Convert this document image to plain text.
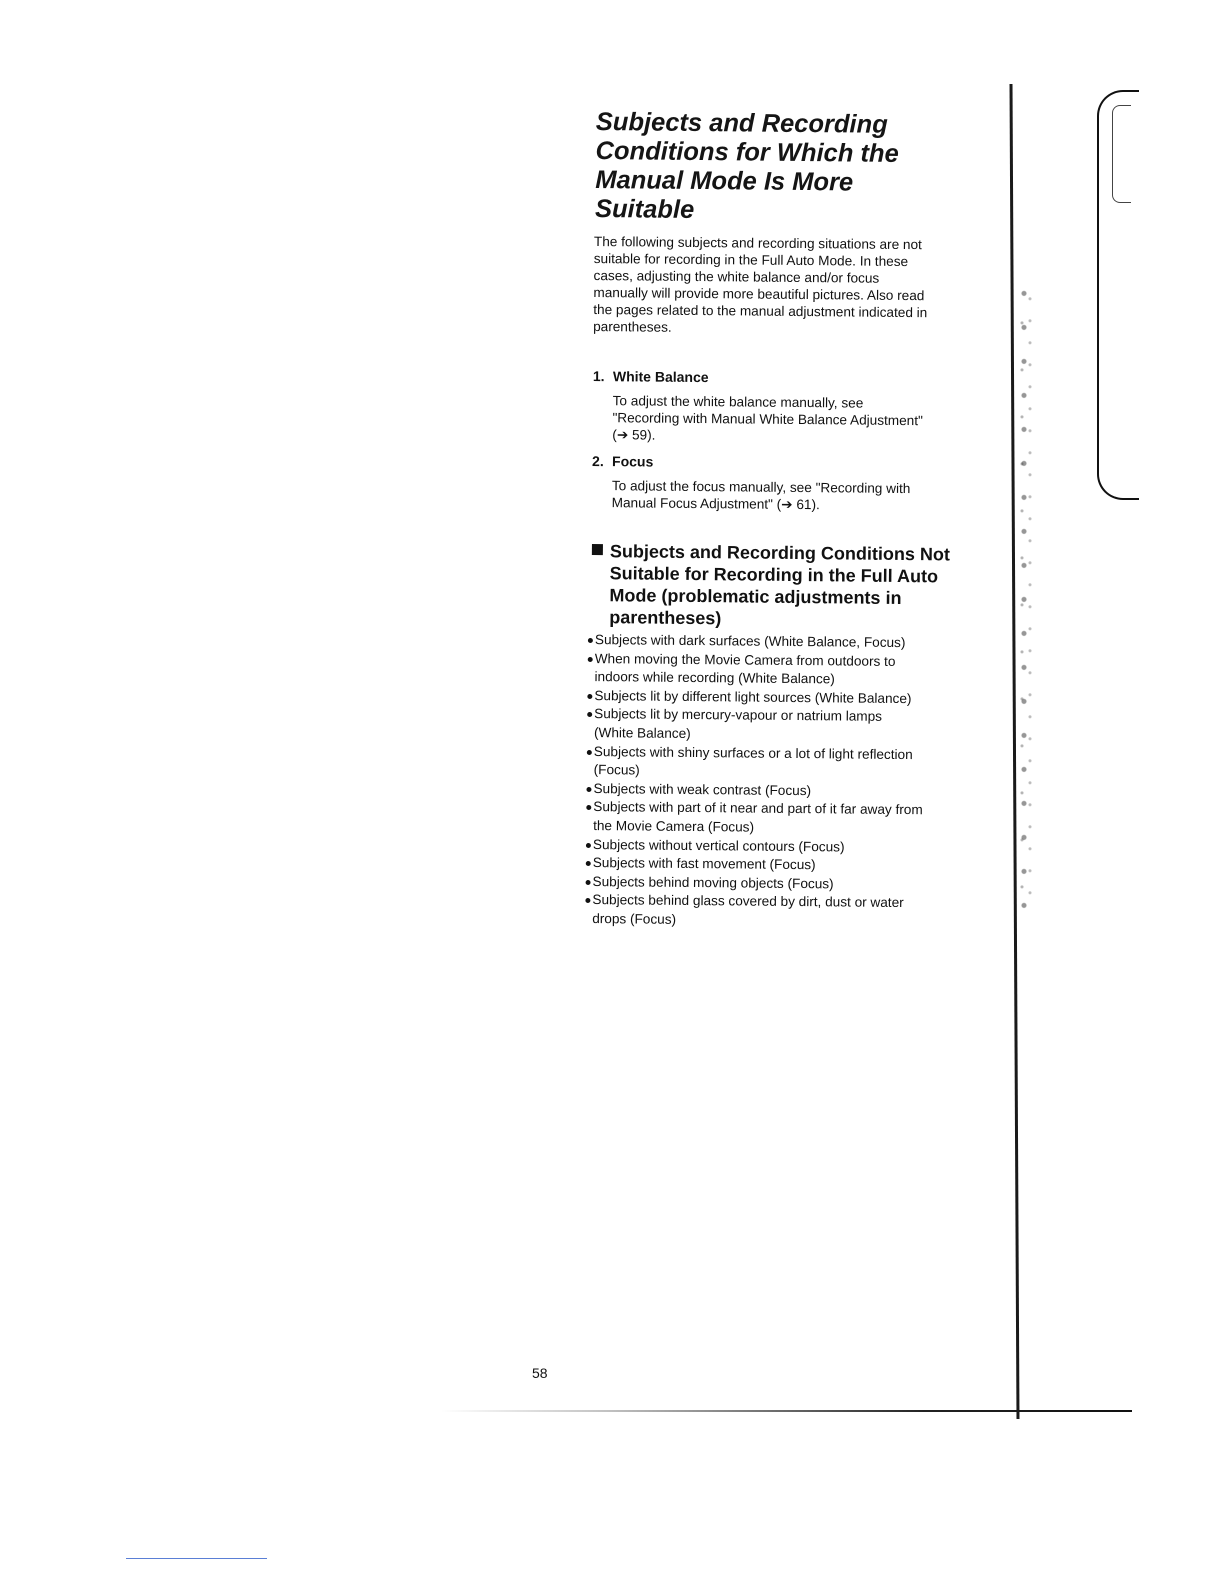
Subjects and Recording
Conditions for Which the
Manual Mode Is More
Suitable

The following subjects and recording situations are not
suitable for recording in the Full Auto Mode. In these
cases, adjusting the white balance and/or focus
manually will provide more beautiful pictures. Also read
the pages related to the manual adjustment indicated in
parentheses.

1. White Balance
To adjust the white balance manually, see
"Recording with Manual White Balance Adjustment"
(➔ 59).
2. Focus
To adjust the focus manually, see "Recording with
Manual Focus Adjustment" (➔ 61).
Subjects and Recording Conditions Not
Suitable for Recording in the Full Auto
Mode (problematic adjustments in
parentheses)
Subjects with dark surfaces (White Balance, Focus)
When moving the Movie Camera from outdoors to
indoors while recording (White Balance)
Subjects lit by different light sources (White Balance)
Subjects lit by mercury-vapour or natrium lamps
(White Balance)
Subjects with shiny surfaces or a lot of light reflection
(Focus)
Subjects with weak contrast (Focus)
Subjects with part of it near and part of it far away from
the Movie Camera (Focus)
Subjects without vertical contours (Focus)
Subjects with fast movement (Focus)
Subjects behind moving objects (Focus)
Subjects behind glass covered by dirt, dust or water
drops (Focus)

58
